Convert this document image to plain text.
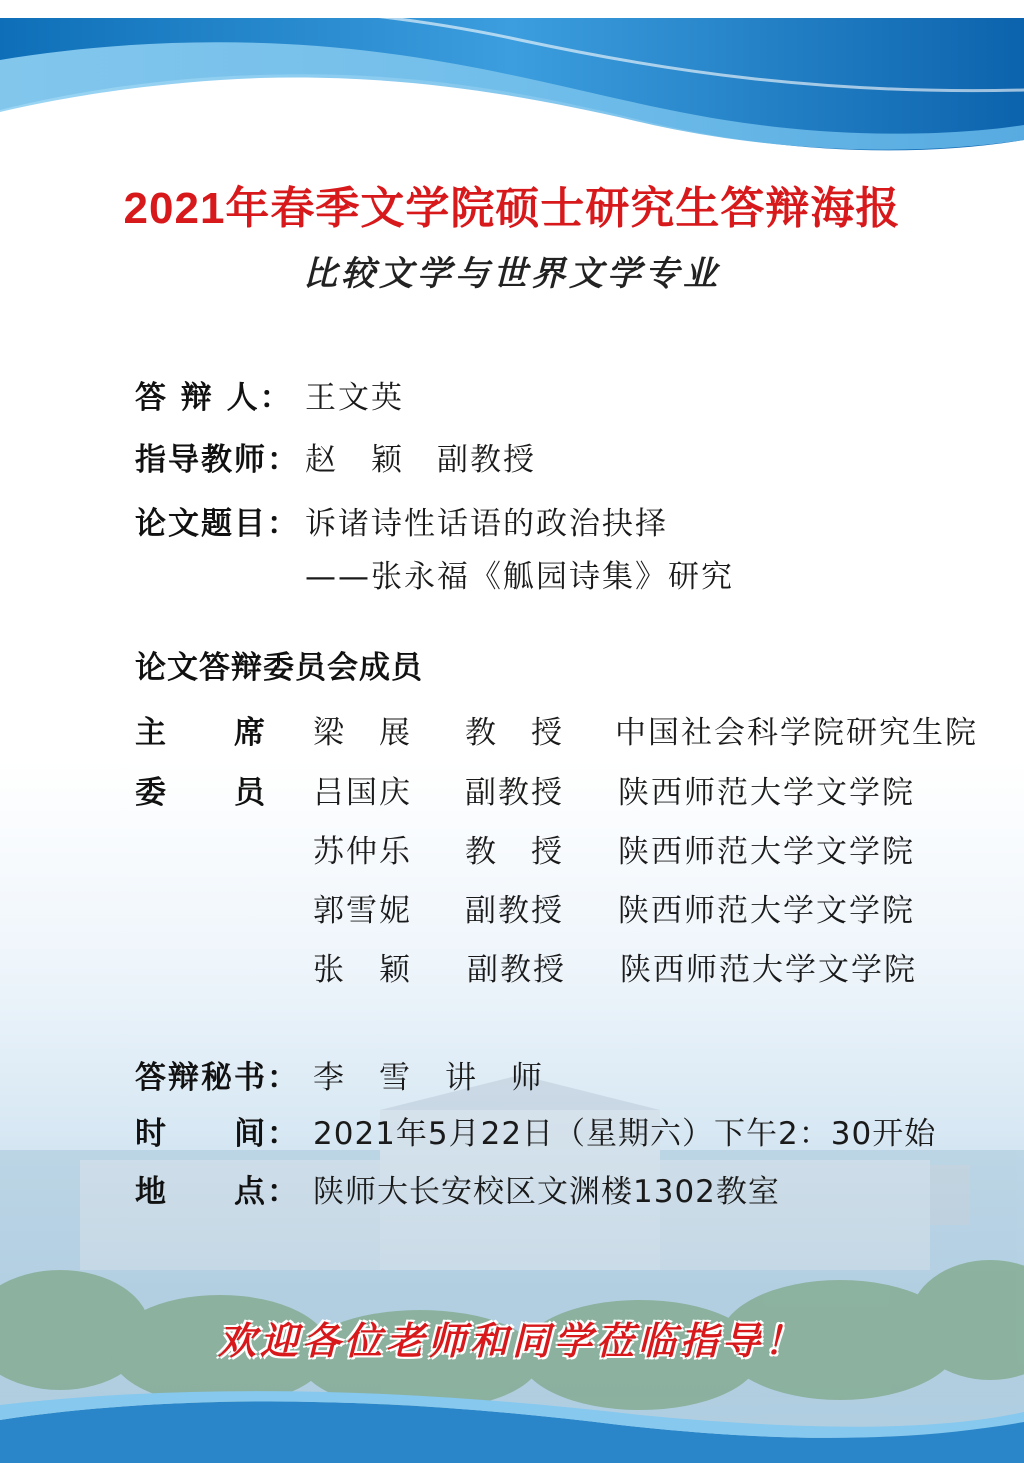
2021年春季文学院硕士研究生答辩海报
比较文学与世界文学专业
答 辩 人： 王文英
指导教师： 赵　颖　副教授
论文题目： 诉诸诗性话语的政治抉择
——张永福《觚园诗集》研究
论文答辩委员会成员
主　　席 梁　展 教　授 中国社会科学院研究生院
委　　员 吕国庆 副教授 陕西师范大学文学院
苏仲乐 教　授 陕西师范大学文学院
郭雪妮 副教授 陕西师范大学文学院
张　颖 副教授 陕西师范大学文学院
答辩秘书： 李　雪　讲　师
时　　间： 2021年5月22日（星期六）下午2：30开始
地　　点： 陕师大长安校区文渊楼1302教室
欢迎各位老师和同学莅临指导！
